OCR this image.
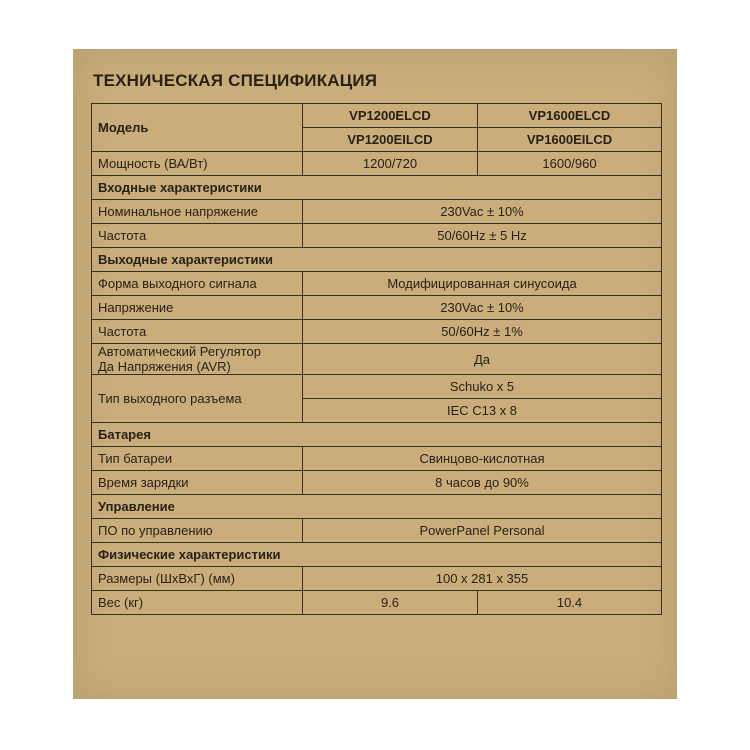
ТЕХНИЧЕСКАЯ СПЕЦИФИКАЦИЯ
Модель	VP1200ELCD	VP1600ELCD
	VP1200EILCD	VP1600EILCD
Мощность (ВА/Вт)	1200/720	1600/960
Входные характеристики		
Номинальное напряжение	230Vac ± 10%	
Частота	50/60Hz ± 5 Hz	
Выходные характеристики		
Форма выходного сигнала	Модифицированная синусоида	
Напряжение	230Vac ± 10%	
Частота	50/60Hz ± 1%	
Автоматический Регулятор
Да Напряжения (AVR)	Да	
Тип выходного разъема	Schuko x 5	
	IEC C13 x 8	
Батарея		
Тип батареи	Свинцово-кислотная	
Время зарядки	8 часов до 90%	
Управление		
ПО по управлению	PowerPanel Personal	
Физические характеристики		
Размеры (ШхВхГ) (мм)	100 x 281 x 355	
Вес (кг)	9.6	10.4
